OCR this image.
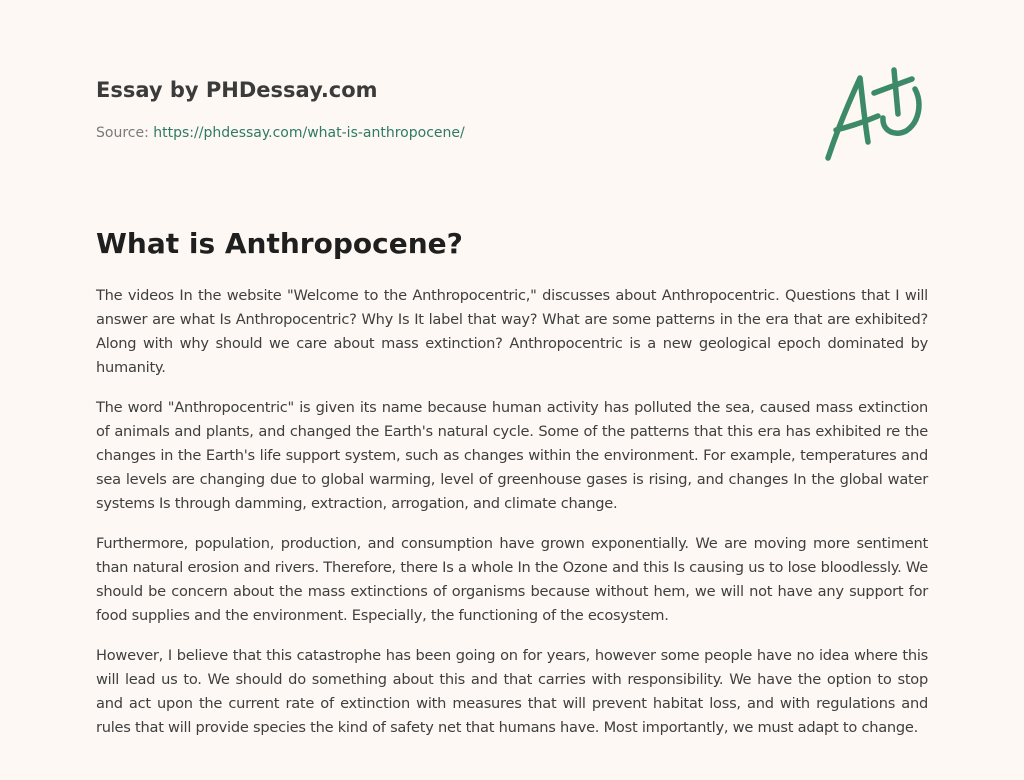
Essay by PHDessay.com
Source: https://phdessay.com/what-is-anthropocene/
What is Anthropocene?

The videos In the website "Welcome to the Anthropocentric," discusses about Anthropocentric. Questions that I will answer are what Is Anthropocentric? Why Is It label that way? What are some patterns in the era that are exhibited? Along with why should we care about mass extinction? Anthropocentric is a new geological epoch dominated by humanity.

The word "Anthropocentric" is given its name because human activity has polluted the sea, caused mass extinction of animals and plants, and changed the Earth's natural cycle. Some of the patterns that this era has exhibited re the changes in the Earth's life support system, such as changes within the environment. For example, temperatures and sea levels are changing due to global warming, level of greenhouse gases is rising, and changes In the global water systems Is through damming, extraction, arrogation, and climate change.

Furthermore, population, production, and consumption have grown exponentially. We are moving more sentiment than natural erosion and rivers. Therefore, there Is a whole In the Ozone and this Is causing us to lose bloodlessly. We should be concern about the mass extinctions of organisms because without hem, we will not have any support for food supplies and the environment. Especially, the functioning of the ecosystem.

However, I believe that this catastrophe has been going on for years, however some people have no idea where this will lead us to. We should do something about this and that carries with responsibility. We have the option to stop and act upon the current rate of extinction with measures that will prevent habitat loss, and with regulations and rules that will provide species the kind of safety net that humans have. Most importantly, we must adapt to change.
